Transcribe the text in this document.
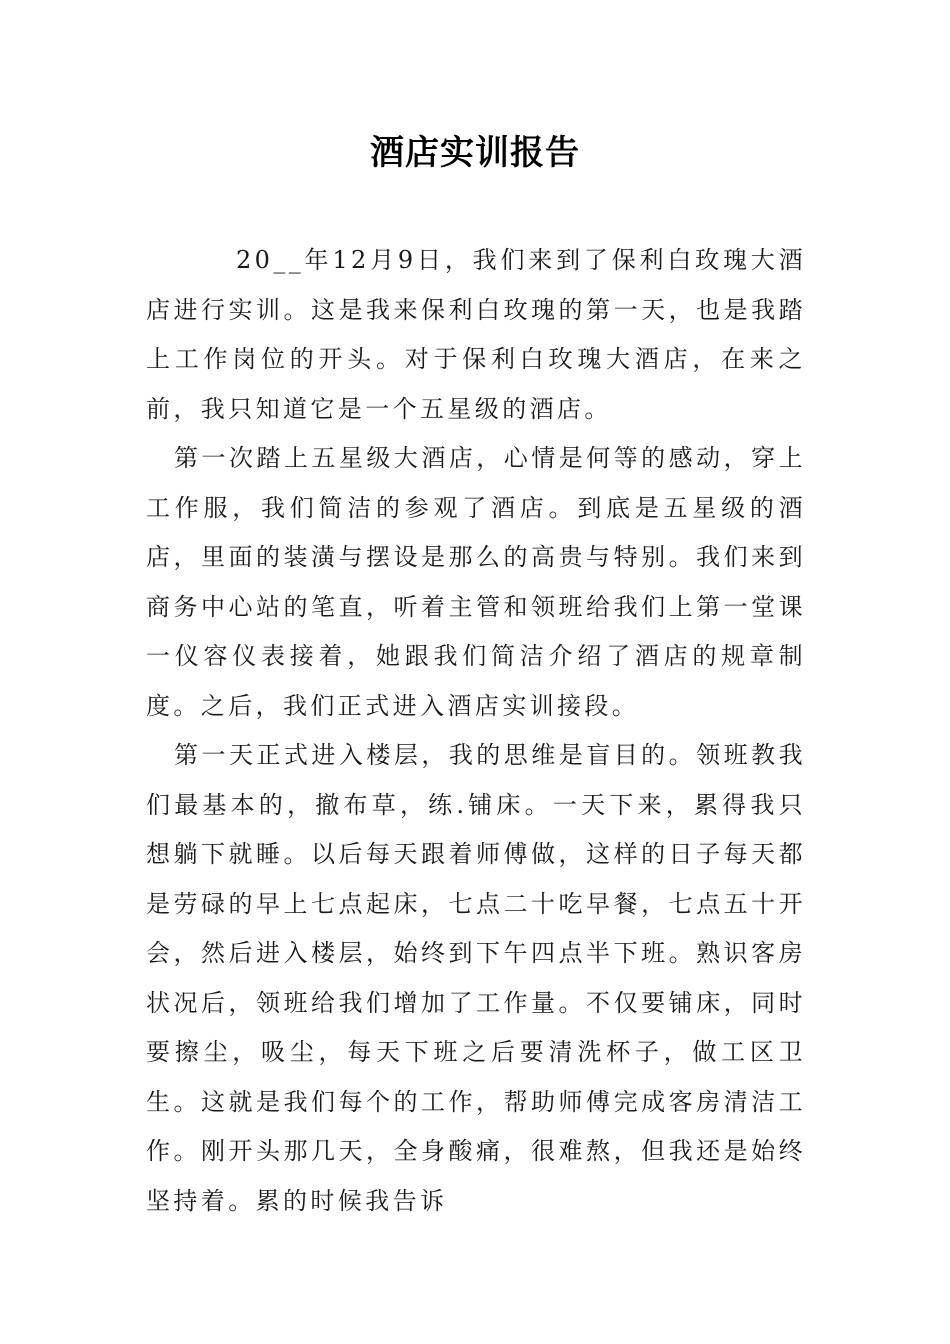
酒店实训报告

20__年12月9日，我们来到了保利白玫瑰大酒店进行实训。这是我来保利白玫瑰的第一天，也是我踏上工作岗位的开头。对于保利白玫瑰大酒店，在来之前，我只知道它是一个五星级的酒店。

第一次踏上五星级大酒店，心情是何等的感动，穿上工作服，我们简洁的参观了酒店。到底是五星级的酒店，里面的装潢与摆设是那么的高贵与特别。我们来到商务中心站的笔直，听着主管和领班给我们上第一堂课一仪容仪表接着，她跟我们简洁介绍了酒店的规章制度。之后，我们正式进入酒店实训接段。

第一天正式进入楼层，我的思维是盲目的。领班教我们最基本的，撤布草，练.铺床。一天下来，累得我只想躺下就睡。以后每天跟着师傅做，这样的日子每天都是劳碌的早上七点起床，七点二十吃早餐，七点五十开会，然后进入楼层，始终到下午四点半下班。熟识客房状况后，领班给我们增加了工作量。不仅要铺床，同时要擦尘，吸尘，每天下班之后要清洗杯子，做工区卫生。这就是我们每个的工作，帮助师傅完成客房清洁工作。刚开头那几天，全身酸痛，很难熬，但我还是始终坚持着。累的时候我告诉
